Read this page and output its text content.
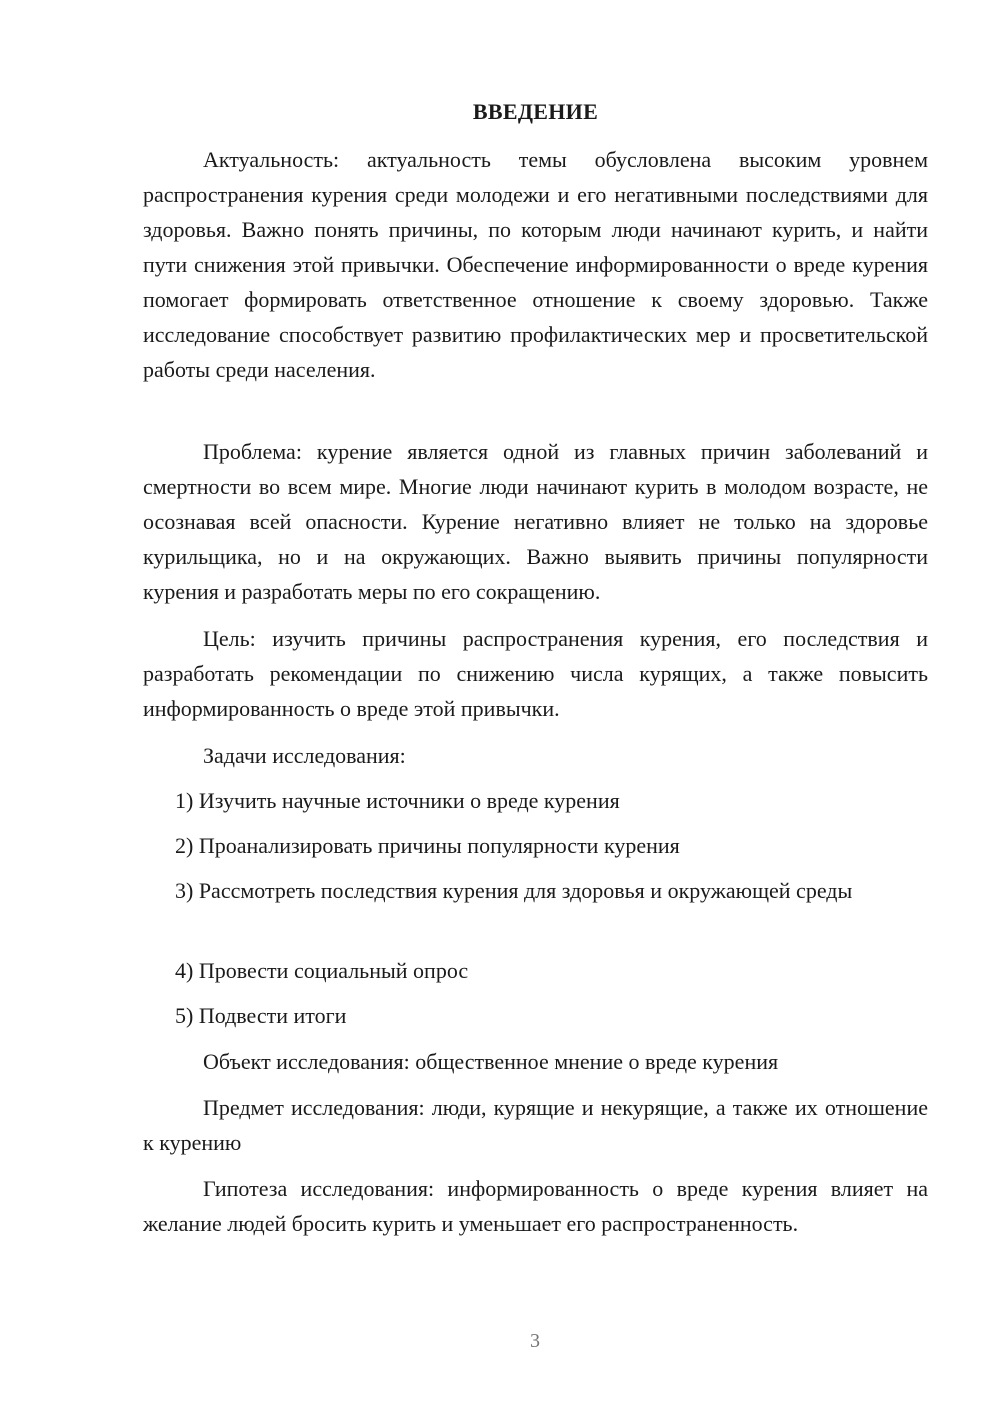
ВВЕДЕНИЕ

Актуальность: актуальность темы обусловлена высоким уровнем распространения курения среди молодежи и его негативными последствиями для здоровья. Важно понять причины, по которым люди начинают курить, и найти пути снижения этой привычки. Обеспечение информированности о вреде курения помогает формировать ответственное отношение к своему здоровью. Также исследование способствует развитию профилактических мер и просветительской работы среди населения.

Проблема: курение является одной из главных причин заболеваний и смертности во всем мире. Многие люди начинают курить в молодом возрасте, не осознавая всей опасности. Курение негативно влияет не только на здоровье курильщика, но и на окружающих. Важно выявить причины популярности курения и разработать меры по его сокращению.

Цель: изучить причины распространения курения, его последствия и разработать рекомендации по снижению числа курящих, а также повысить информированность о вреде этой привычки.

Задачи исследования:

1) Изучить научные источники о вреде курения

2) Проанализировать причины популярности курения

3) Рассмотреть последствия курения для здоровья и окружающей среды

4) Провести социальный опрос

5) Подвести итоги

Объект исследования: общественное мнение о вреде курения

Предмет исследования: люди, курящие и некурящие, а также их отношение к курению

Гипотеза исследования: информированность о вреде курения влияет на желание людей бросить курить и уменьшает его распространенность.

3
